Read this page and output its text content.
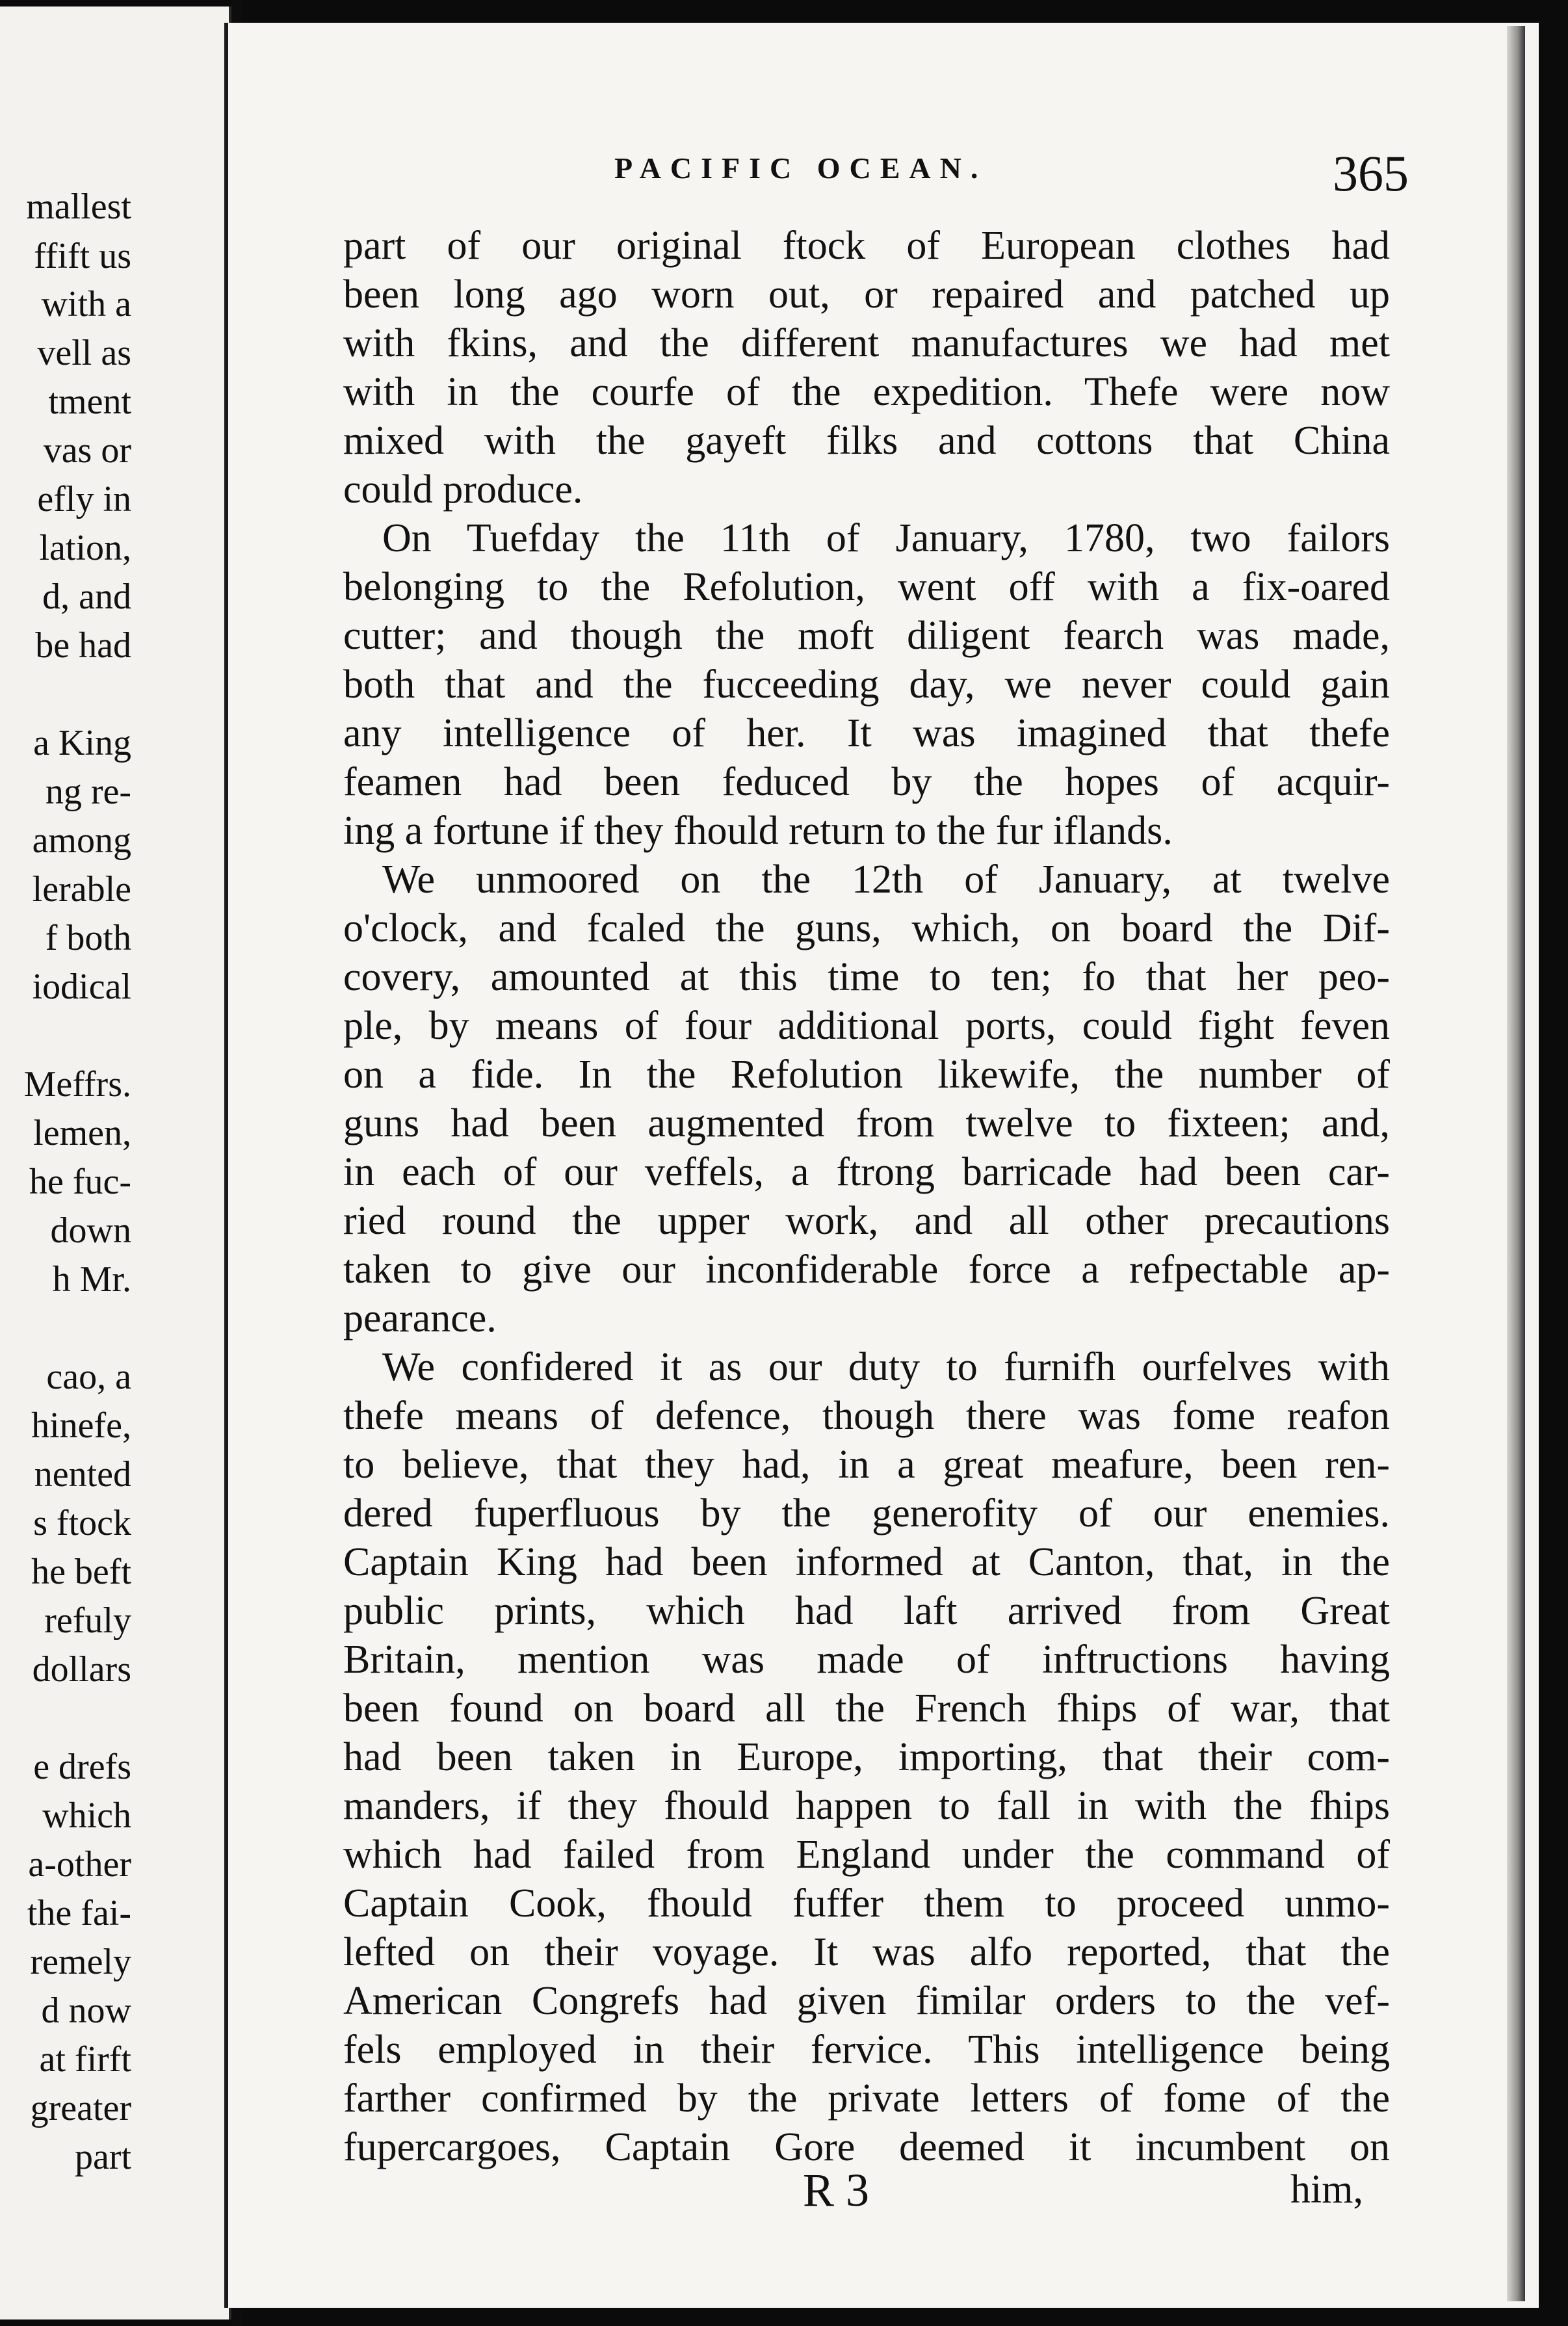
mallest
ffift us
with a
vell as
tment
vas or
efly in
lation,
d, and
be had
a King
ng re-
among
lerable
f both
iodical
Meffrs.
lemen,
he fuc-
down
h Mr.
cao, a
hinefe,
nented
s ftock
he beft
refuly
dollars
e drefs
which
a-other
the fai-
remely
d now
at firft
greater
part
PACIFIC OCEAN.	365
part of our original ftock of European clothes had
been long ago worn out, or repaired and patched up
with fkins, and the different manufactures we had met
with in the courfe of the expedition. Thefe were now
mixed with the gayeft filks and cottons that China
could produce.
On Tuefday the 11th of January, 1780, two failors
belonging to the Refolution, went off with a fix-oared
cutter; and though the moft diligent fearch was made,
both that and the fucceeding day, we never could gain
any intelligence of her. It was imagined that thefe
feamen had been feduced by the hopes of acquir-
ing a fortune if they fhould return to the fur iflands.
We unmoored on the 12th of January, at twelve
o'clock, and fcaled the guns, which, on board the Dif-
covery, amounted at this time to ten; fo that her peo-
ple, by means of four additional ports, could fight feven
on a fide. In the Refolution likewife, the number of
guns had been augmented from twelve to fixteen; and,
in each of our veffels, a ftrong barricade had been car-
ried round the upper work, and all other precautions
taken to give our inconfiderable force a refpectable ap-
pearance.
We confidered it as our duty to furnifh ourfelves with
thefe means of defence, though there was fome reafon
to believe, that they had, in a great meafure, been ren-
dered fuperfluous by the generofity of our enemies.
Captain King had been informed at Canton, that, in the
public prints, which had laft arrived from Great
Britain, mention was made of inftructions having
been found on board all the French fhips of war, that
had been taken in Europe, importing, that their com-
manders, if they fhould happen to fall in with the fhips
which had failed from England under the command of
Captain Cook, fhould fuffer them to proceed unmo-
lefted on their voyage. It was alfo reported, that the
American Congrefs had given fimilar orders to the vef-
fels employed in their fervice. This intelligence being
farther confirmed by the private letters of fome of the
fupercargoes, Captain Gore deemed it incumbent on
R 3	him,
